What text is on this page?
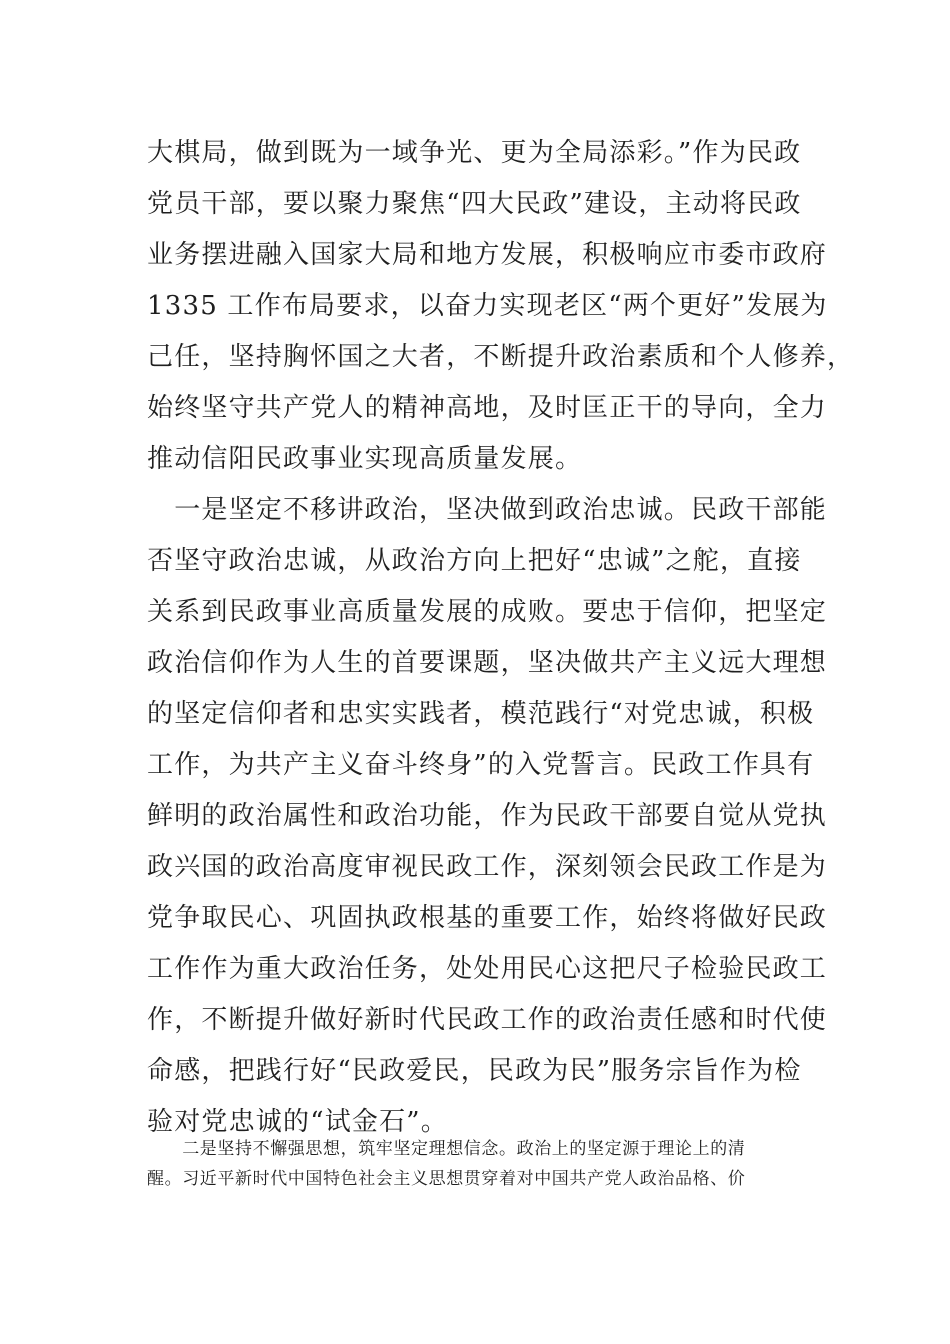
大棋局，做到既为一域争光、更为全局添彩。”作为民政
党员干部，要以聚力聚焦“四大民政”建设，主动将民政
业务摆进融入国家大局和地方发展，积极响应市委市政府
1335 工作布局要求，以奋力实现老区“两个更好”发展为
己任，坚持胸怀国之大者，不断提升政治素质和个人修养，
始终坚守共产党人的精神高地，及时匡正干的导向，全力
推动信阳民政事业实现高质量发展。
　一是坚定不移讲政治，坚决做到政治忠诚。民政干部能
否坚守政治忠诚，从政治方向上把好“忠诚”之舵，直接
关系到民政事业高质量发展的成败。要忠于信仰，把坚定
政治信仰作为人生的首要课题，坚决做共产主义远大理想
的坚定信仰者和忠实实践者，模范践行“对党忠诚，积极
工作，为共产主义奋斗终身”的入党誓言。民政工作具有
鲜明的政治属性和政治功能，作为民政干部要自觉从党执
政兴国的政治高度审视民政工作，深刻领会民政工作是为
党争取民心、巩固执政根基的重要工作，始终将做好民政
工作作为重大政治任务，处处用民心这把尺子检验民政工
作，不断提升做好新时代民政工作的政治责任感和时代使
命感，把践行好“民政爱民，民政为民”服务宗旨作为检
验对党忠诚的“试金石”。
　　二是坚持不懈强思想，筑牢坚定理想信念。政治上的坚定源于理论上的清
醒。习近平新时代中国特色社会主义思想贯穿着对中国共产党人政治品格、价
